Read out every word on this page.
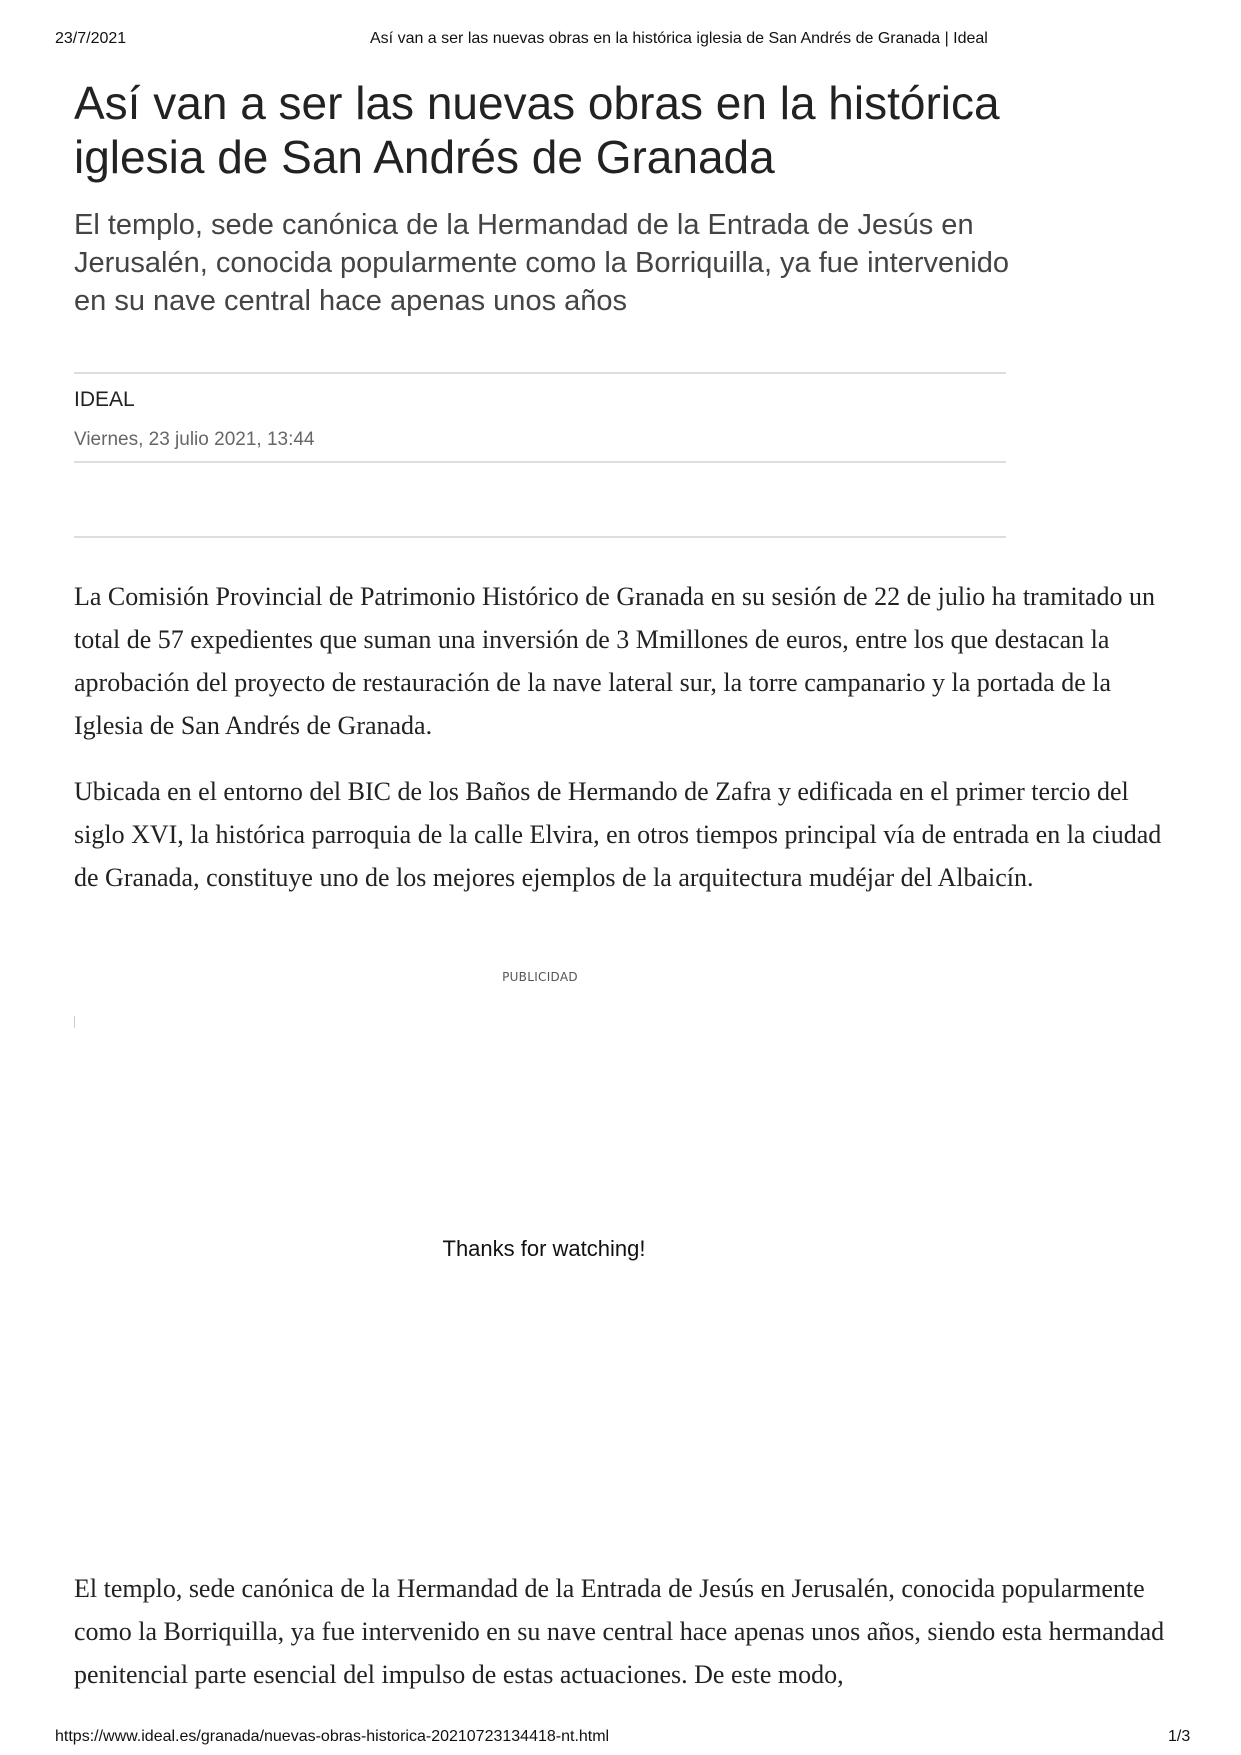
23/7/2021	Así van a ser las nuevas obras en la histórica iglesia de San Andrés de Granada | Ideal
Así van a ser las nuevas obras en la histórica iglesia de San Andrés de Granada

El templo, sede canónica de la Hermandad de la Entrada de Jesús en Jerusalén, conocida popularmente como la Borriquilla, ya fue intervenido en su nave central hace apenas unos años

IDEAL
Viernes, 23 julio 2021, 13:44

La Comisión Provincial de Patrimonio Histórico de Granada en su sesión de 22 de julio ha tramitado un total de 57 expedientes que suman una inversión de 3 Mmillones de euros, entre los que destacan la aprobación del proyecto de restauración de la nave lateral sur, la torre campanario y la portada de la Iglesia de San Andrés de Granada.

Ubicada en el entorno del BIC de los Baños de Hermando de Zafra y edificada en el primer tercio del siglo XVI, la histórica parroquia de la calle Elvira, en otros tiempos principal vía de entrada en la ciudad de Granada, constituye uno de los mejores ejemplos de la arquitectura mudéjar del Albaicín.

PUBLICIDAD
Thanks for watching!

El templo, sede canónica de la Hermandad de la Entrada de Jesús en Jerusalén, conocida popularmente como la Borriquilla, ya fue intervenido en su nave central hace apenas unos años, siendo esta hermandad penitencial parte esencial del impulso de estas actuaciones. De este modo,

https://www.ideal.es/granada/nuevas-obras-historica-20210723134418-nt.html	1/3
